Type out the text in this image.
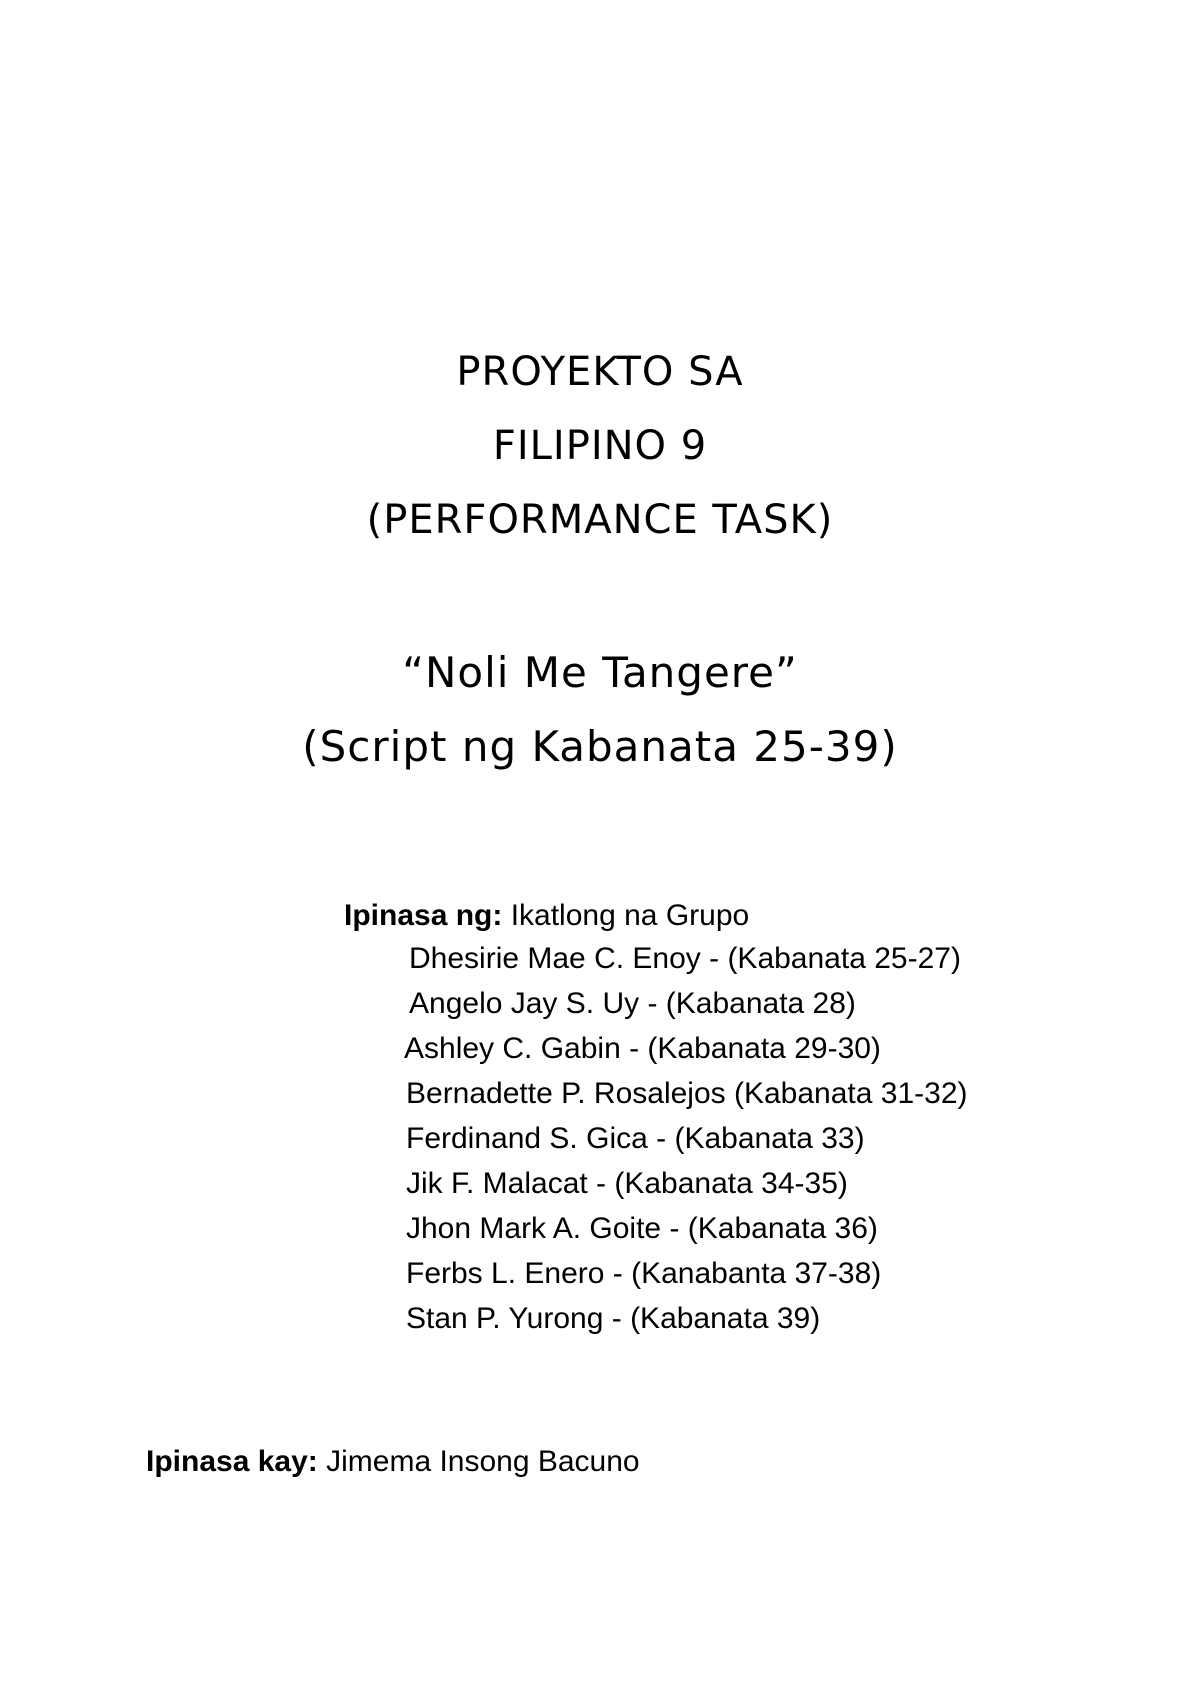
PROYEKTO SA
FILIPINO 9
(PERFORMANCE TASK)
“Noli Me Tangere”
(Script ng Kabanata 25-39)
Ipinasa ng: Ikatlong na Grupo
Dhesirie Mae C. Enoy - (Kabanata 25-27)
Angelo Jay S. Uy - (Kabanata 28)
Ashley C. Gabin - (Kabanata 29-30)
Bernadette P. Rosalejos (Kabanata 31-32)
Ferdinand S. Gica - (Kabanata 33)
Jik F. Malacat - (Kabanata 34-35)
Jhon Mark A. Goite - (Kabanata 36)
Ferbs L. Enero - (Kanabanta 37-38)
Stan P. Yurong - (Kabanata 39)
Ipinasa kay: Jimema Insong Bacuno
